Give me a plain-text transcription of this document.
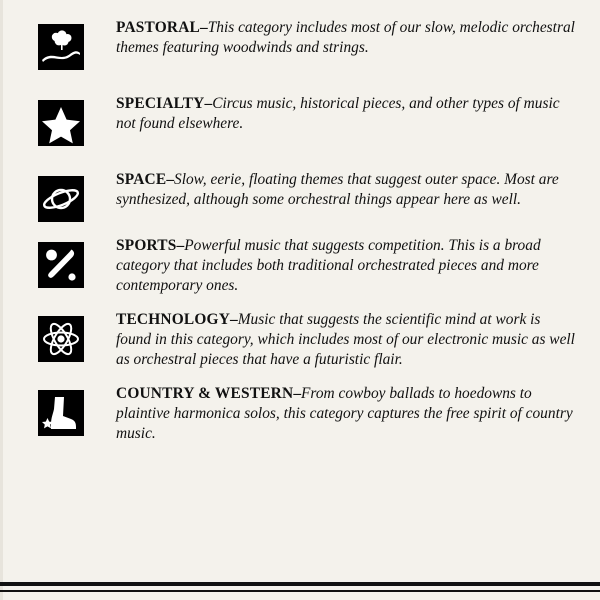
PASTORAL–This category includes most of our slow, melodic orchestral themes featuring woodwinds and strings.
SPECIALTY–Circus music, historical pieces, and other types of music not found elsewhere.
SPACE–Slow, eerie, floating themes that suggest outer space. Most are synthesized, although some orchestral things appear here as well.
SPORTS–Powerful music that suggests competition. This is a broad category that includes both traditional orchestrated pieces and more contemporary ones.
TECHNOLOGY–Music that suggests the scientific mind at work is found in this category, which includes most of our electronic music as well as orchestral pieces that have a futuristic flair.
COUNTRY & WESTERN–From cowboy ballads to hoedowns to plaintive harmonica solos, this category captures the free spirit of country music.
